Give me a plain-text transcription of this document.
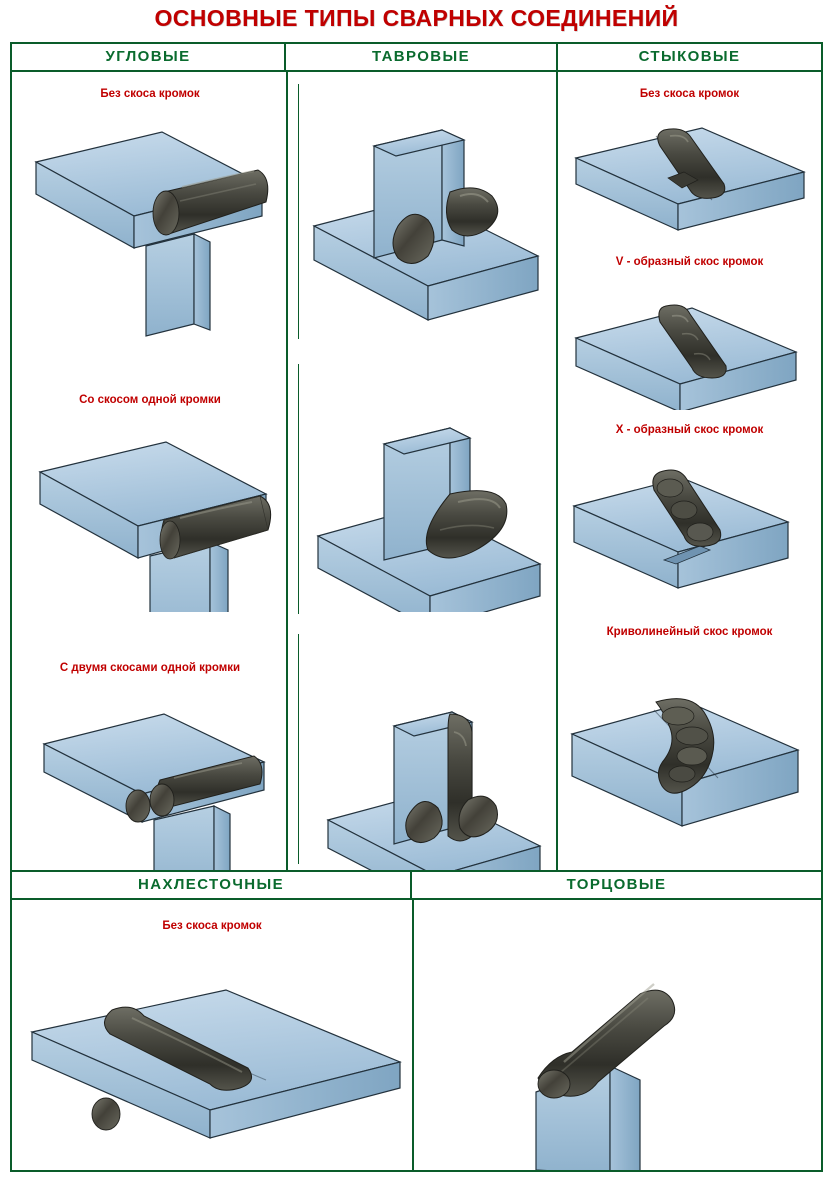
ОСНОВНЫЕ ТИПЫ СВАРНЫХ СОЕДИНЕНИЙ
УГЛОВЫЕ	ТАВРОВЫЕ	СТЫКОВЫЕ
НАХЛЕСТОЧНЫЕ	ТОРЦОВЫЕ
Без скоса кромок
Со скосом одной кромки
С двумя скосами одной кромки
Без скоса кромок
V - образный скос кромок
X - образный скос кромок
Криволинейный скос кромок
Без скоса кромок
